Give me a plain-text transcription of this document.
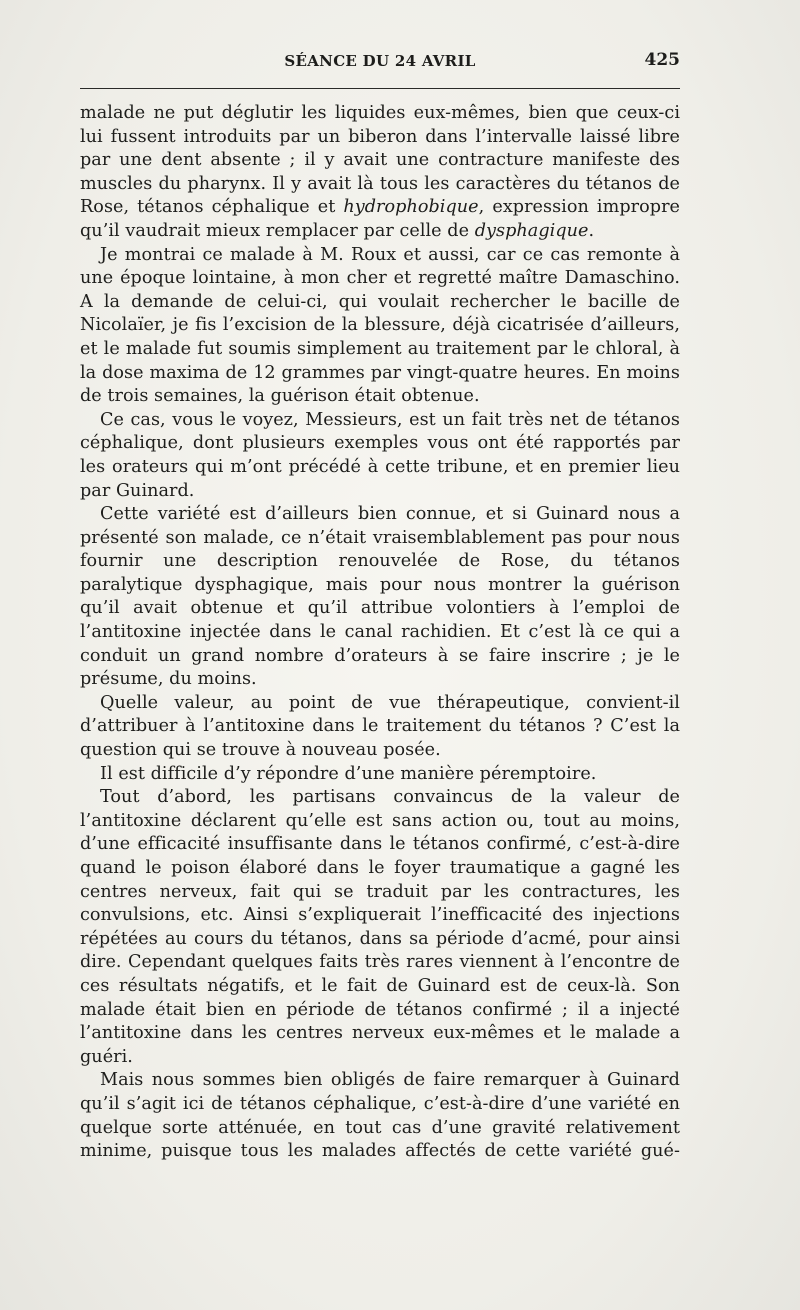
SÉANCE DU 24 AVRIL	425

malade ne put déglutir les liquides eux-mêmes, bien que ceux-ci lui fussent introduits par un biberon dans l’intervalle laissé libre par une dent absente ; il y avait une contracture manifeste des muscles du pharynx. Il y avait là tous les caractères du tétanos de Rose, tétanos céphalique et hydrophobique, expression impropre qu’il vaudrait mieux remplacer par celle de dysphagique.

Je montrai ce malade à M. Roux et aussi, car ce cas remonte à une époque lointaine, à mon cher et regretté maître Damaschino. A la demande de celui-ci, qui voulait rechercher le bacille de Nicolaïer, je fis l’excision de la blessure, déjà cicatrisée d’ailleurs, et le malade fut soumis simplement au traitement par le chloral, à la dose maxima de 12 grammes par vingt-quatre heures. En moins de trois semaines, la guérison était obtenue.

Ce cas, vous le voyez, Messieurs, est un fait très net de tétanos céphalique, dont plusieurs exemples vous ont été rapportés par les orateurs qui m’ont précédé à cette tribune, et en premier lieu par Guinard.

Cette variété est d’ailleurs bien connue, et si Guinard nous a présenté son malade, ce n’était vraisemblablement pas pour nous fournir une description renouvelée de Rose, du tétanos paralytique dysphagique, mais pour nous montrer la guérison qu’il avait obtenue et qu’il attribue volontiers à l’emploi de l’antitoxine injectée dans le canal rachidien. Et c’est là ce qui a conduit un grand nombre d’orateurs à se faire inscrire ; je le présume, du moins.

Quelle valeur, au point de vue thérapeutique, convient-il d’attribuer à l’antitoxine dans le traitement du tétanos ? C’est la question qui se trouve à nouveau posée.

Il est difficile d’y répondre d’une manière péremptoire.

Tout d’abord, les partisans convaincus de la valeur de l’antitoxine déclarent qu’elle est sans action ou, tout au moins, d’une efficacité insuffisante dans le tétanos confirmé, c’est-à-dire quand le poison élaboré dans le foyer traumatique a gagné les centres nerveux, fait qui se traduit par les contractures, les convulsions, etc. Ainsi s’expliquerait l’inefficacité des injections répétées au cours du tétanos, dans sa période d’acmé, pour ainsi dire. Cependant quelques faits très rares viennent à l’encontre de ces résultats négatifs, et le fait de Guinard est de ceux-là. Son malade était bien en période de tétanos confirmé ; il a injecté l’antitoxine dans les centres nerveux eux-mêmes et le malade a guéri.

Mais nous sommes bien obligés de faire remarquer à Guinard qu’il s’agit ici de tétanos céphalique, c’est-à-dire d’une variété en quelque sorte atténuée, en tout cas d’une gravité relativement minime, puisque tous les malades affectés de cette variété gué-
